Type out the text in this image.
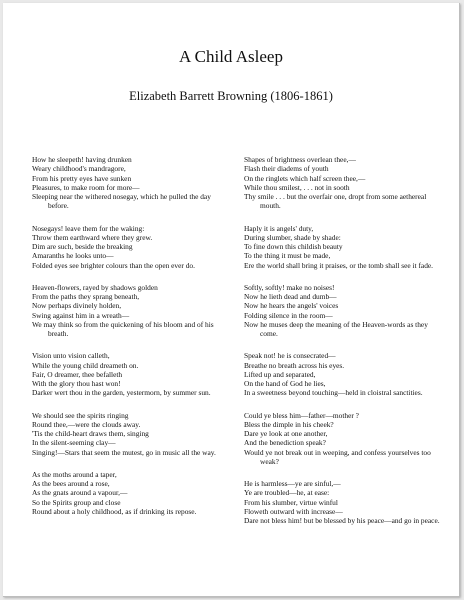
A Child Asleep
Elizabeth Barrett Browning (1806-1861)
How he sleepeth! having drunken
Weary childhood's mandragore,
From his pretty eyes have sunken
Pleasures, to make room for more—
Sleeping near the withered nosegay, which he pulled the day before.
Nosegays! leave them for the waking:
Throw them earthward where they grew.
Dim are such, beside the breaking
Amaranths he looks unto—
Folded eyes see brighter colours than the open ever do.
Heaven-flowers, rayed by shadows golden
From the paths they sprang beneath,
Now perhaps divinely holden,
Swing against him in a wreath—
We may think so from the quickening of his bloom and of his breath.
Vision unto vision calleth,
While the young child dreameth on.
Fair, O dreamer, thee befalleth
With the glory thou hast won!
Darker wert thou in the garden, yestermorn, by summer sun.
We should see the spirits ringing
Round thee,—were the clouds away.
'Tis the child-heart draws them, singing
In the silent-seeming clay—
Singing!—Stars that seem the mutest, go in music all the way.
As the moths around a taper,
As the bees around a rose,
As the gnats around a vapour,—
So the Spirits group and close
Round about a holy childhood, as if drinking its repose.
Shapes of brightness overlean thee,—
Flash their diadems of youth
On the ringlets which half screen thee,—
While thou smilest, . . . not in sooth
Thy smile . . . but the overfair one, dropt from some aethereal mouth.
Haply it is angels' duty,
During slumber, shade by shade:
To fine down this childish beauty
To the thing it must be made,
Ere the world shall bring it praises, or the tomb shall see it fade.
Softly, softly! make no noises!
Now he lieth dead and dumb—
Now he hears the angels' voices
Folding silence in the room—
Now he muses deep the meaning of the Heaven-words as they come.
Speak not! he is consecrated—
Breathe no breath across his eyes.
Lifted up and separated,
On the hand of God he lies,
In a sweetness beyond touching—held in cloistral sanctities.
Could ye bless him—father—mother ?
Bless the dimple in his cheek?
Dare ye look at one another,
And the benediction speak?
Would ye not break out in weeping, and confess yourselves too weak?
He is harmless—ye are sinful,—
Ye are troubled—he, at ease:
From his slumber, virtue winful
Floweth outward with increase—
Dare not bless him! but be blessed by his peace—and go in peace.
